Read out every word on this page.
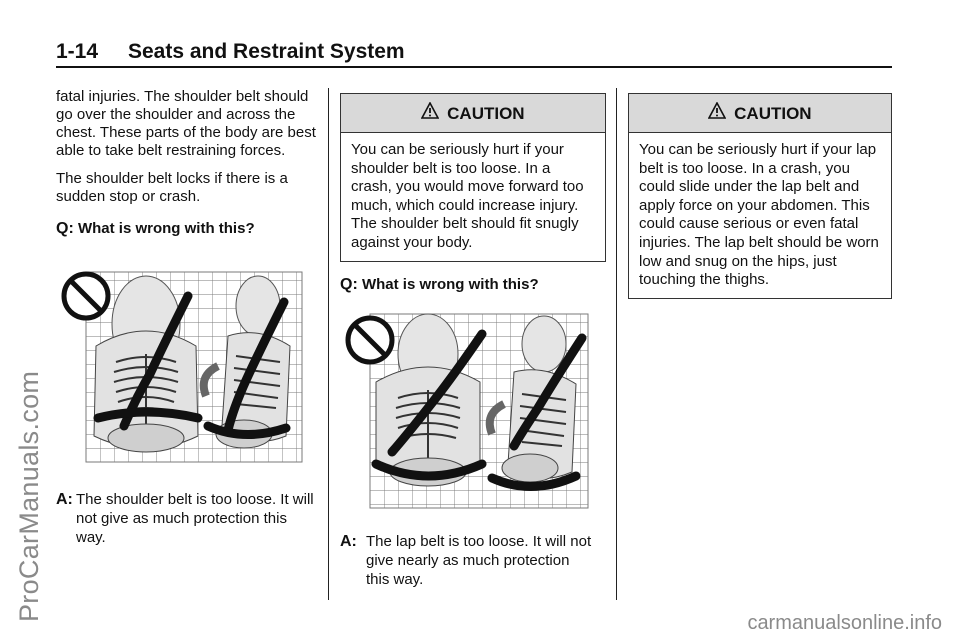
1-14 Seats and Restraint System

fatal injuries. The shoulder belt should go over the shoulder and across the chest. These parts of the body are best able to take belt restraining forces.

The shoulder belt locks if there is a sudden stop or crash.

Q: What is wrong with this?
A: The shoulder belt is too loose. It will not give as much protection this way.
CAUTION
You can be seriously hurt if your shoulder belt is too loose. In a crash, you would move forward too much, which could increase injury. The shoulder belt should fit snugly against your body.
Q: What is wrong with this?
A: The lap belt is too loose. It will not give nearly as much protection this way.
CAUTION
You can be seriously hurt if your lap belt is too loose. In a crash, you could slide under the lap belt and apply force on your abdomen. This could cause serious or even fatal injuries. The lap belt should be worn low and snug on the hips, just touching the thighs.
ProCarManuals.com
carmanualsonline.info
